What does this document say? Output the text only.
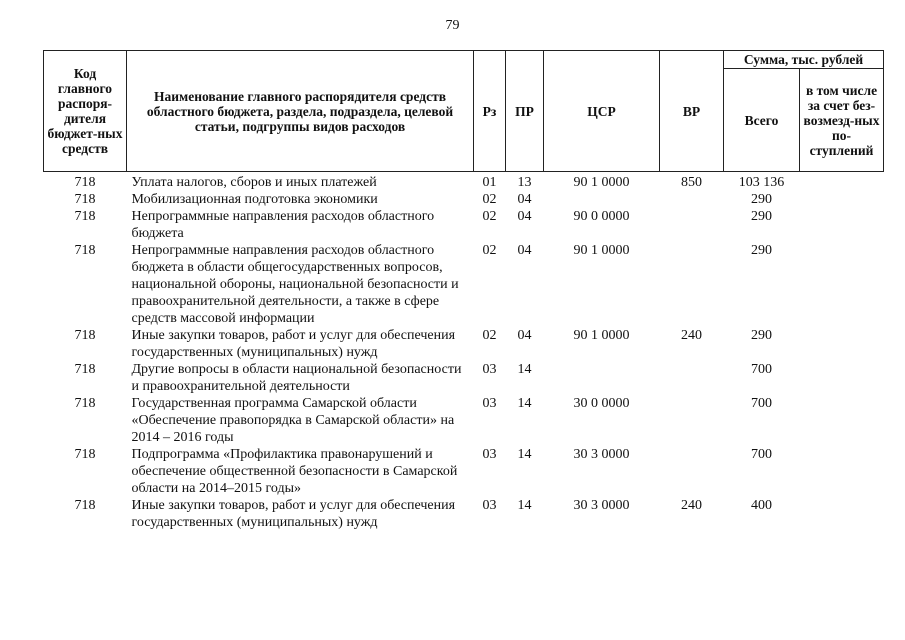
79
Код главного распоря-дителя бюджет-ных средств	Наименование главного распорядителя средств областного бюджета, раздела, подраздела, целевой статьи, подгруппы видов расходов	Рз	ПР	ЦСР	ВР	Сумма, тыс. рублей	
						Всего	в том числе за счет без-возмезд-ных по-ступлений
718	Уплата налогов, сборов и иных платежей	01	13	90 1 0000	850	103 136	
718	Мобилизационная подготовка экономики	02	04			290	
718	Непрограммные направления расходов областного бюджета	02	04	90 0 0000		290	
718	Непрограммные направления расходов областного бюджета в области общегосударственных вопросов, национальной обороны, национальной безопасности и правоохранительной деятельности, а также в сфере средств массовой информации	02	04	90 1 0000		290	
718	Иные закупки товаров, работ и услуг для обеспечения государственных (муниципальных) нужд	02	04	90 1 0000	240	290	
718	Другие вопросы в области национальной безопасности и правоохранительной деятельности	03	14			700	
718	Государственная программа Самарской области «Обеспечение правопорядка в Самарской области» на 2014 – 2016 годы	03	14	30 0 0000		700	
718	Подпрограмма «Профилактика правонарушений и обеспечение общественной безопасности в Самарской области на 2014–2015 годы»	03	14	30 3 0000		700	
718	Иные закупки товаров, работ и услуг для обеспечения государственных (муниципальных) нужд	03	14	30 3 0000	240	400	
